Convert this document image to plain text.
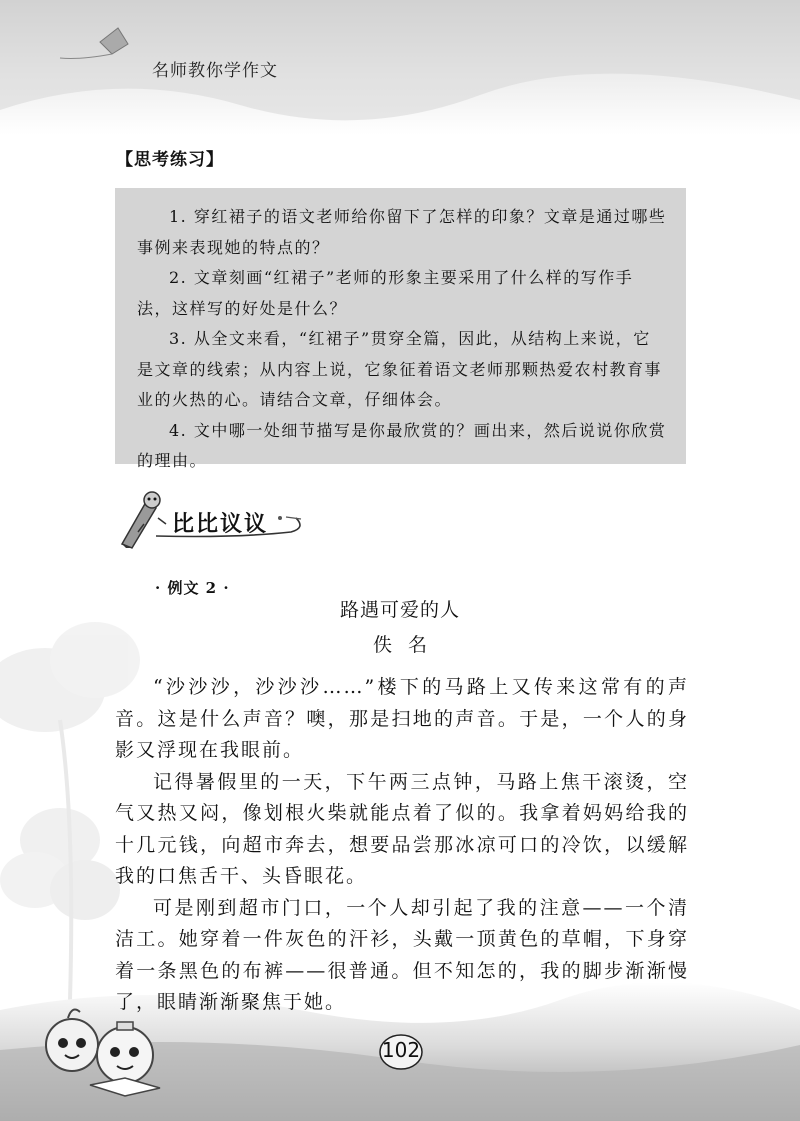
名师教你学作文
【思考练习】

1. 穿红裙子的语文老师给你留下了怎样的印象？文章是通过哪些事例来表现她的特点的？

2. 文章刻画“红裙子”老师的形象主要采用了什么样的写作手法，这样写的好处是什么？

3. 从全文来看，“红裙子”贯穿全篇，因此，从结构上来说，它是文章的线索；从内容上说，它象征着语文老师那颗热爱农村教育事业的火热的心。请结合文章，仔细体会。

4. 文中哪一处细节描写是你最欣赏的？画出来，然后说说你欣赏的理由。

比比议议
· 例文 2 ·
路遇可爱的人
佚名

“沙沙沙，沙沙沙……”楼下的马路上又传来这常有的声音。这是什么声音？噢，那是扫地的声音。于是，一个人的身影又浮现在我眼前。

记得暑假里的一天，下午两三点钟，马路上焦干滚烫，空气又热又闷，像划根火柴就能点着了似的。我拿着妈妈给我的十几元钱，向超市奔去，想要品尝那冰凉可口的冷饮，以缓解我的口焦舌干、头昏眼花。

可是刚到超市门口，一个人却引起了我的注意——一个清洁工。她穿着一件灰色的汗衫，头戴一顶黄色的草帽，下身穿着一条黑色的布裤——很普通。但不知怎的，我的脚步渐渐慢了，眼睛渐渐聚焦于她。

102
